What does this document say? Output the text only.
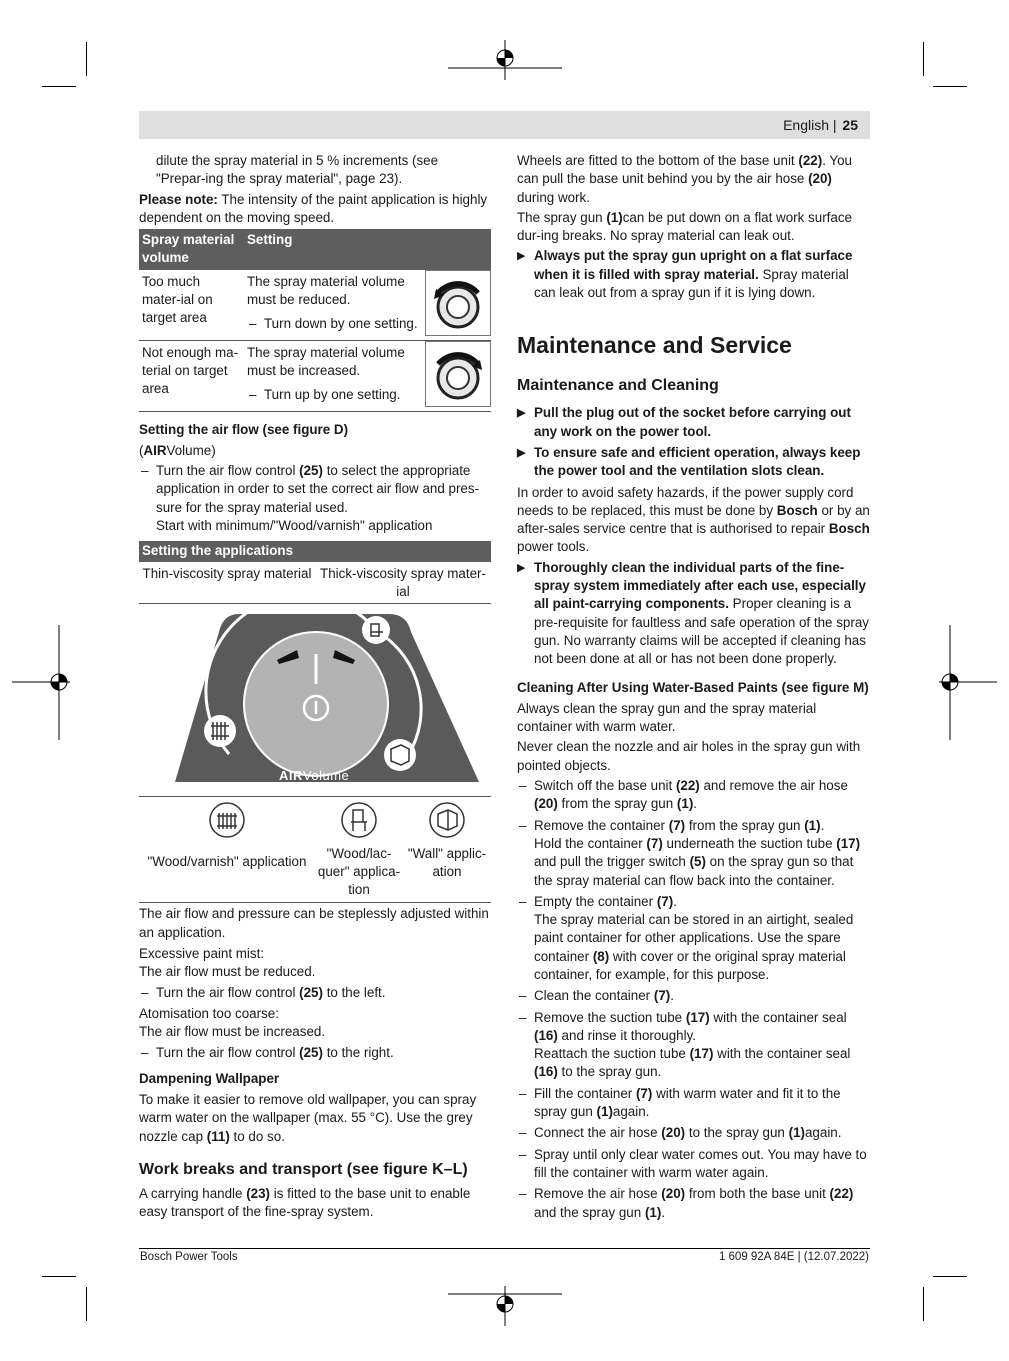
English | 25

dilute the spray material in 5 % increments (see "Prepar-ing the spray material", page 23).

Please note: The intensity of the paint application is highly dependent on the moving speed.

Spray material volume	Setting	
Too much mater-ial on target area	The spray material volume must be reduced.
– Turn down by one setting.

Not enough ma-terial on target area	The spray material volume must be increased.
– Turn up by one setting.

Setting the air flow (see figure D)

(AIRVolume)

– Turn the air flow control (25) to select the appropriate application in order to set the correct air flow and pres-sure for the spray material used.
Start with minimum/"Wood/varnish" application
Setting the applications
Thin-viscosity spray material Thick-viscosity spray mater-ial
AIRVolume
"Wood/varnish" application
"Wood/lac-quer" applica-tion
"Wall" applic-ation

The air flow and pressure can be steplessly adjusted within an application.

Excessive paint mist:

The air flow must be reduced.

– Turn the air flow control (25) to the left.

Atomisation too coarse:

The air flow must be increased.

– Turn the air flow control (25) to the right.

Dampening Wallpaper

To make it easier to remove old wallpaper, you can spray warm water on the wallpaper (max. 55 °C). Use the grey nozzle cap (11) to do so.

Work breaks and transport (see figure K–L)

A carrying handle (23) is fitted to the base unit to enable easy transport of the fine-spray system.

Wheels are fitted to the bottom of the base unit (22). You can pull the base unit behind you by the air hose (20) during work.

The spray gun (1)can be put down on a flat work surface dur-ing breaks. No spray material can leak out.

▶ Always put the spray gun upright on a flat surface when it is filled with spray material. Spray material can leak out from a spray gun if it is lying down.
Maintenance and Service
Maintenance and Cleaning
▶ Pull the plug out of the socket before carrying out any work on the power tool.
▶ To ensure safe and efficient operation, always keep the power tool and the ventilation slots clean.

In order to avoid safety hazards, if the power supply cord needs to be replaced, this must be done by Bosch or by an after-sales service centre that is authorised to repair Bosch power tools.

▶ Thoroughly clean the individual parts of the fine-spray system immediately after each use, especially all paint-carrying components. Proper cleaning is a pre-requisite for faultless and safe operation of the spray gun. No warranty claims will be accepted if cleaning has not been done at all or has not been done properly.

Cleaning After Using Water-Based Paints (see figure M)

Always clean the spray gun and the spray material container with warm water.

Never clean the nozzle and air holes in the spray gun with pointed objects.

– Switch off the base unit (22) and remove the air hose (20) from the spray gun (1).
– Remove the container (7) from the spray gun (1).
Hold the container (7) underneath the suction tube (17) and pull the trigger switch (5) on the spray gun so that the spray material can flow back into the container.
– Empty the container (7).
The spray material can be stored in an airtight, sealed paint container for other applications. Use the spare container (8) with cover or the original spray material container, for example, for this purpose.
– Clean the container (7).
– Remove the suction tube (17) with the container seal (16) and rinse it thoroughly.
Reattach the suction tube (17) with the container seal (16) to the spray gun.
– Fill the container (7) with warm water and fit it to the spray gun (1)again.
– Connect the air hose (20) to the spray gun (1)again.
– Spray until only clear water comes out. You may have to fill the container with warm water again.
– Remove the air hose (20) from both the base unit (22) and the spray gun (1).
Bosch Power Tools	1 609 92A 84E | (12.07.2022)
